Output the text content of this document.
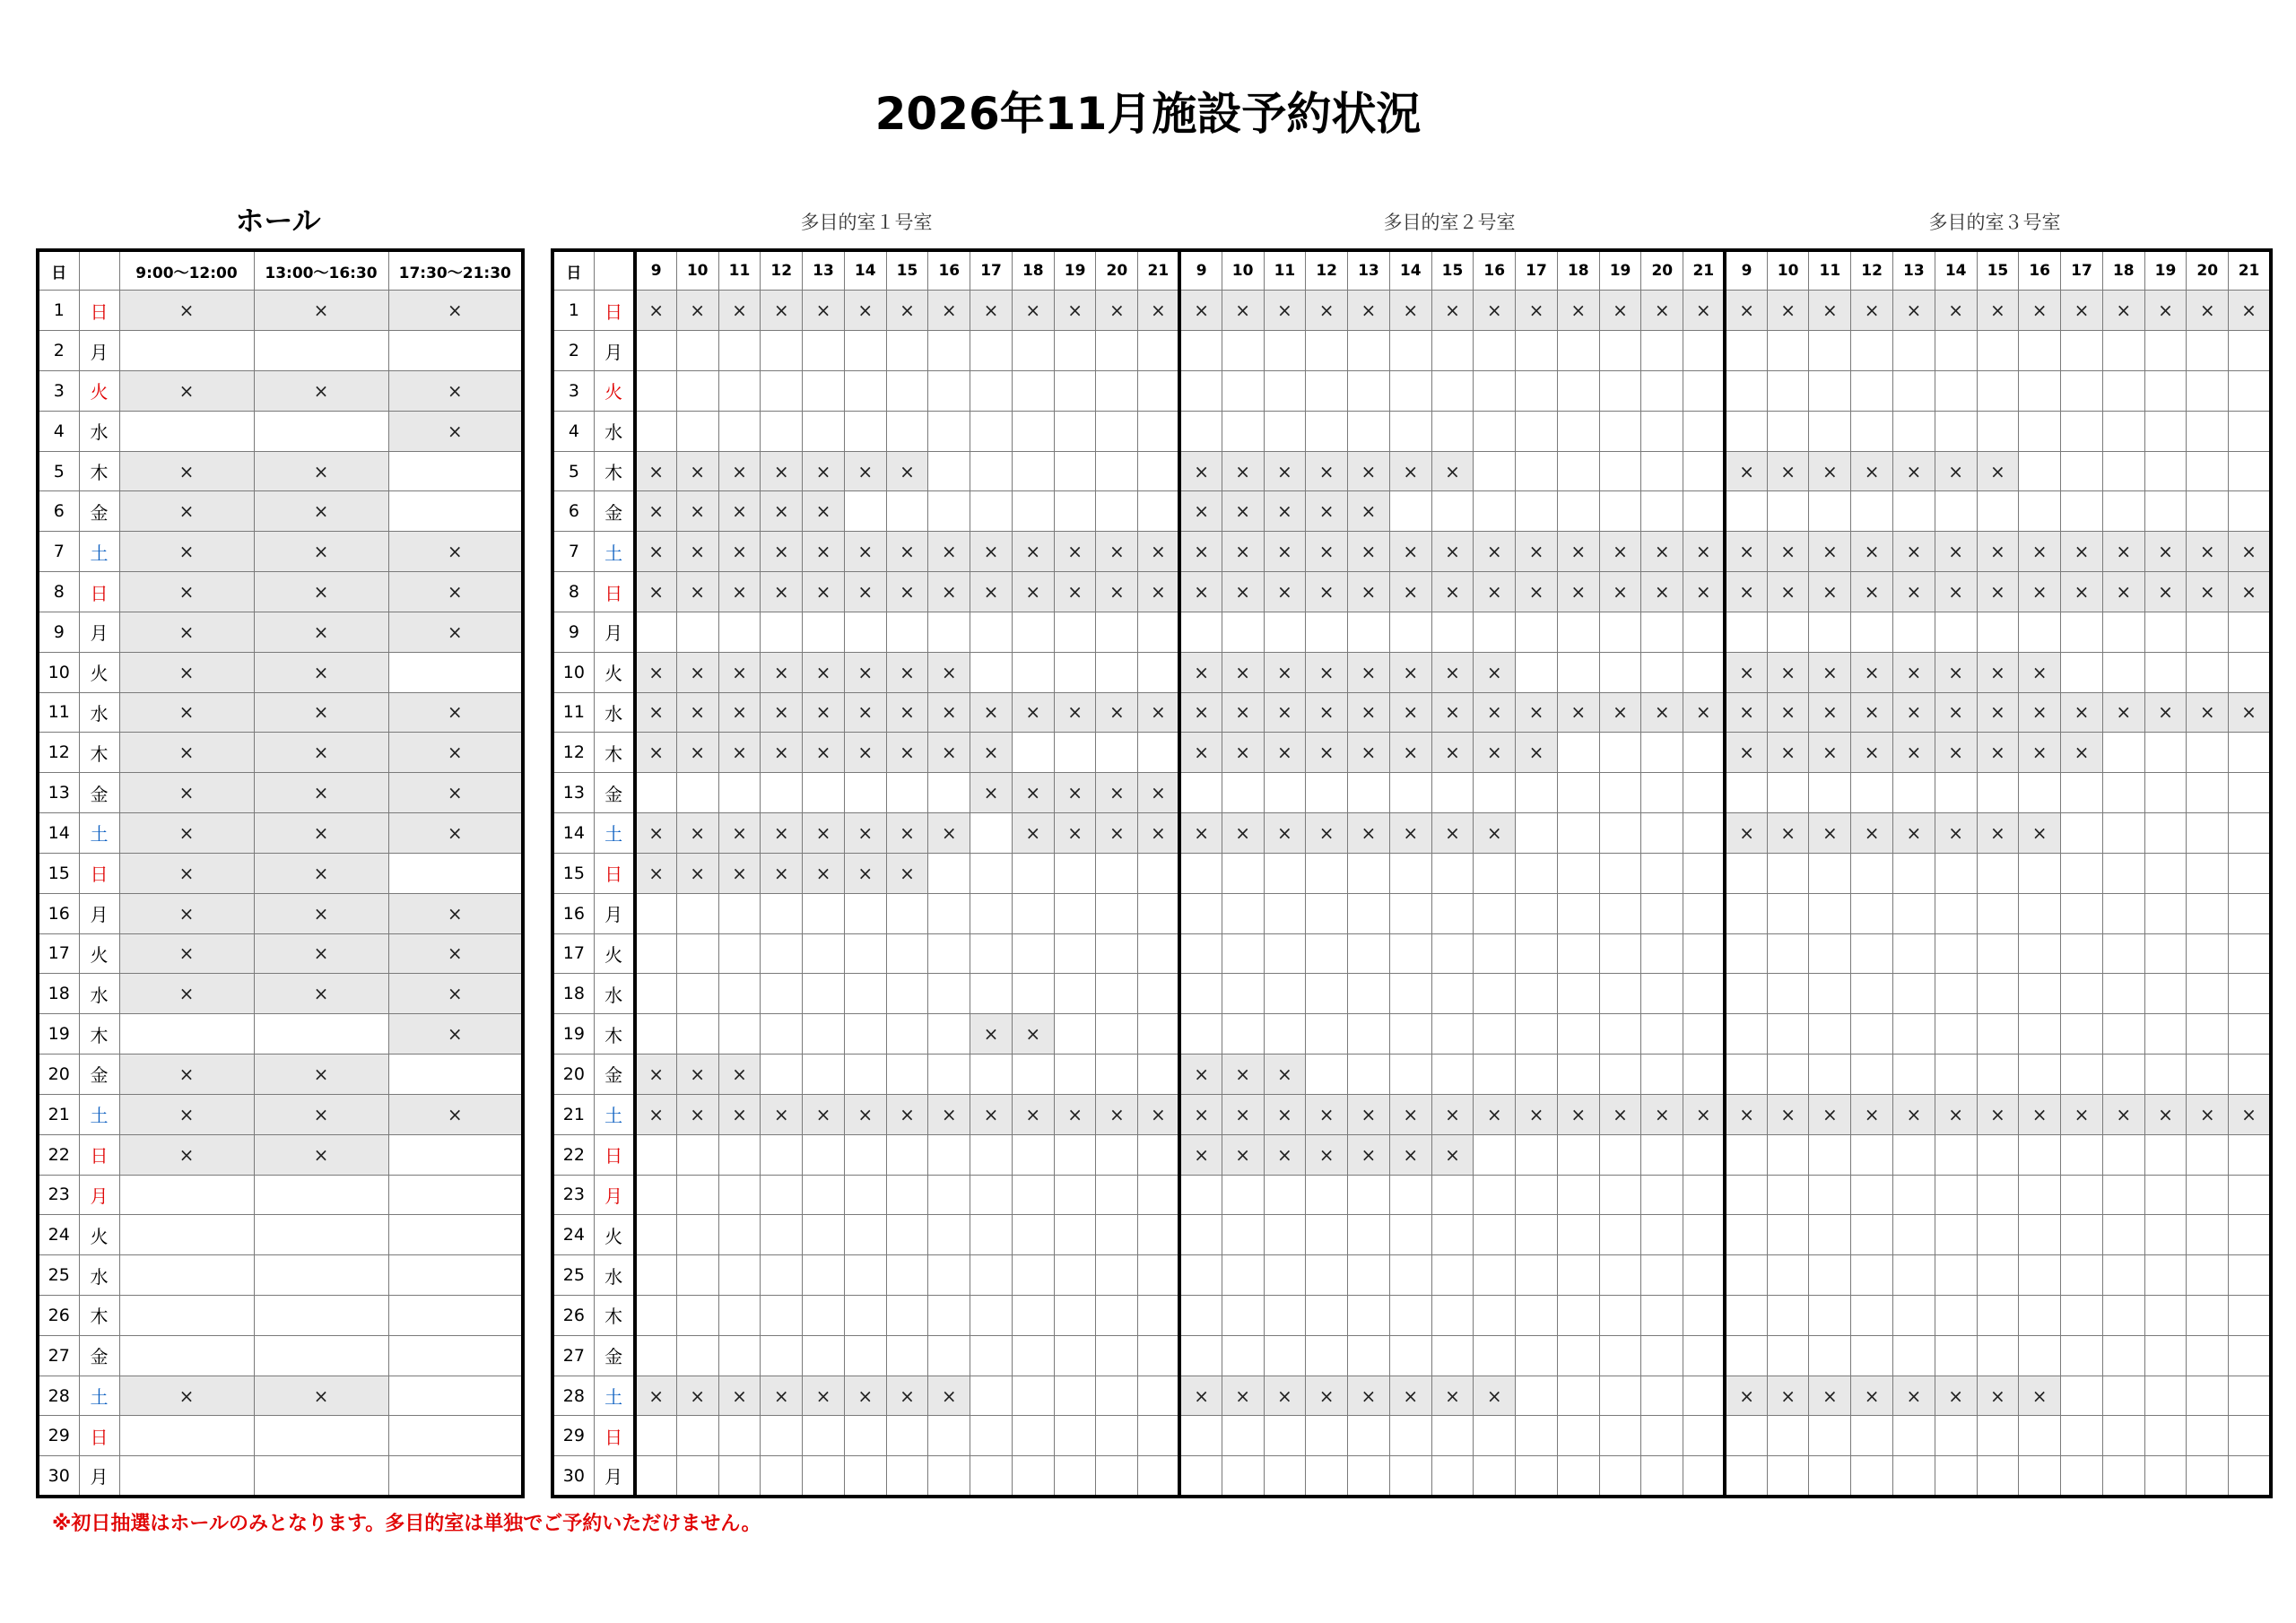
2026年11月施設予約状況
ホール	多目的室１号室	多目的室２号室	多目的室３号室
日		9:00～12:00	13:00～16:30	17:30～21:30
1	日	×	×	×
2	月			
3	火	×	×	×
4	水			×
5	木	×	×	
6	金	×	×	
7	土	×	×	×
8	日	×	×	×
9	月	×	×	×
10	火	×	×	
11	水	×	×	×
12	木	×	×	×
13	金	×	×	×
14	土	×	×	×
15	日	×	×	
16	月	×	×	×
17	火	×	×	×
18	水	×	×	×
19	木			×
20	金	×	×	
21	土	×	×	×
22	日	×	×	
23	月			
24	火			
25	水			
26	木			
27	金			
28	土	×	×	
29	日			
30	月			
日		9	10	11	12	13	14	15	16	17	18	19	20	21	9	10	11	12	13	14	15	16	17	18	19	20	21	9	10	11	12	13	14	15	16	17	18	19	20	21
1	日	×	×	×	×	×	×	×	×	×	×	×	×	×	×	×	×	×	×	×	×	×	×	×	×	×	×	×	×	×	×	×	×	×	×	×	×	×	×	×
2	月																																							
3	火																																							
4	水																																							
5	木	×	×	×	×	×	×	×							×	×	×	×	×	×	×							×	×	×	×	×	×	×						
6	金	×	×	×	×	×									×	×	×	×	×																					
7	土	×	×	×	×	×	×	×	×	×	×	×	×	×	×	×	×	×	×	×	×	×	×	×	×	×	×	×	×	×	×	×	×	×	×	×	×	×	×	×
8	日	×	×	×	×	×	×	×	×	×	×	×	×	×	×	×	×	×	×	×	×	×	×	×	×	×	×	×	×	×	×	×	×	×	×	×	×	×	×	×
9	月																																							
10	火	×	×	×	×	×	×	×	×						×	×	×	×	×	×	×	×						×	×	×	×	×	×	×	×					
11	水	×	×	×	×	×	×	×	×	×	×	×	×	×	×	×	×	×	×	×	×	×	×	×	×	×	×	×	×	×	×	×	×	×	×	×	×	×	×	×
12	木	×	×	×	×	×	×	×	×	×					×	×	×	×	×	×	×	×	×					×	×	×	×	×	×	×	×	×				
13	金									×	×	×	×	×																										
14	土	×	×	×	×	×	×	×	×		×	×	×	×	×	×	×	×	×	×	×	×						×	×	×	×	×	×	×	×					
15	日	×	×	×	×	×	×	×																																
16	月																																							
17	火																																							
18	水																																							
19	木									×	×																													
20	金	×	×	×											×	×	×																							
21	土	×	×	×	×	×	×	×	×	×	×	×	×	×	×	×	×	×	×	×	×	×	×	×	×	×	×	×	×	×	×	×	×	×	×	×	×	×	×	×
22	日														×	×	×	×	×	×	×																			
23	月																																							
24	火																																							
25	水																																							
26	木																																							
27	金																																							
28	土	×	×	×	×	×	×	×	×						×	×	×	×	×	×	×	×						×	×	×	×	×	×	×	×					
29	日																																							
30	月																																							
※初日抽選はホールのみとなります。多目的室は単独でご予約いただけません。
